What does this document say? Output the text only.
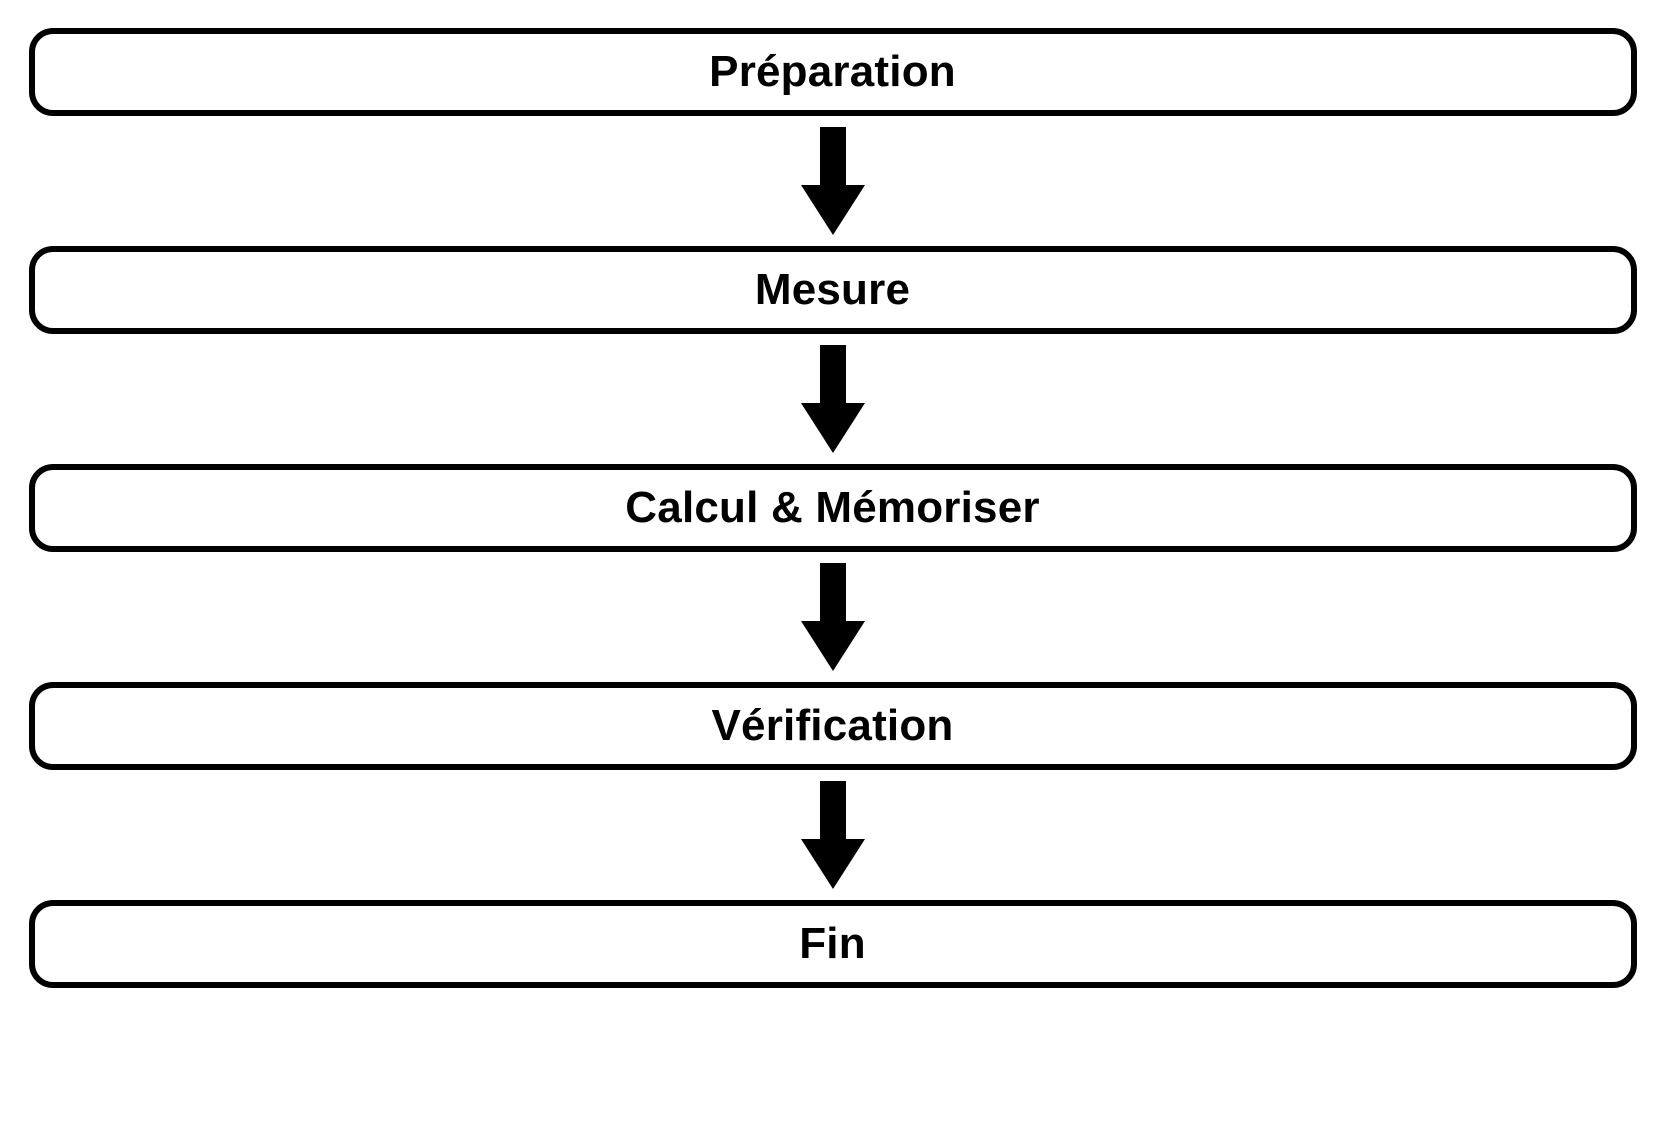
Préparation
Mesure
Calcul & Mémoriser
Vérification
Fin
